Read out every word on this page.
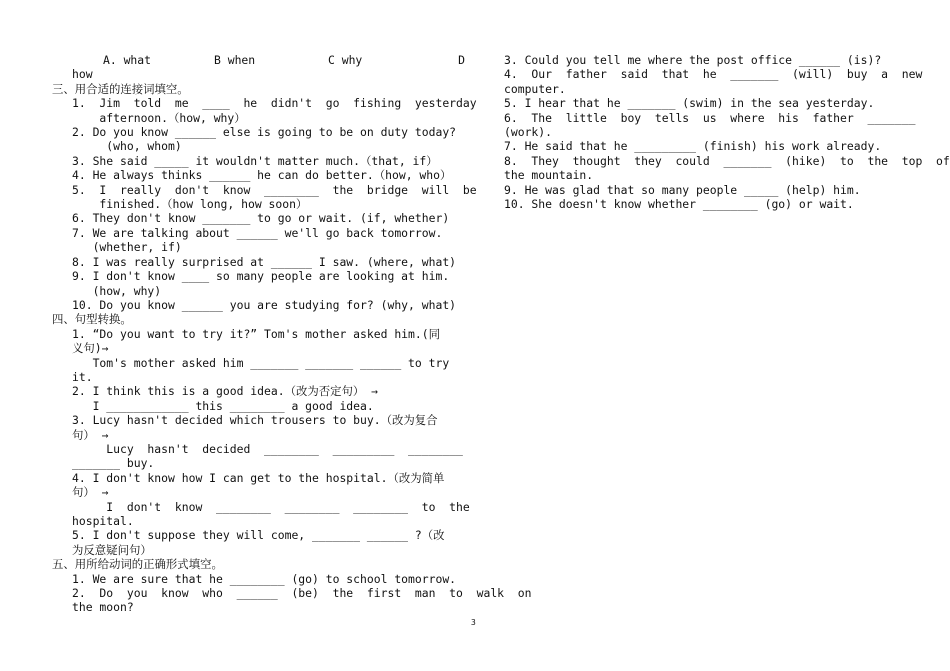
A. what	B when	C why	D
how
三、用合适的连接词填空。
1.  Jim  told  me  ____  he  didn't  go  fishing  yesterday
afternoon.（how, why）
2. Do you know ______ else is going to be on duty today?
(who, whom)
3. She said _____ it wouldn't matter much.（that, if）
4. He always thinks ______ he can do better.（how, who）
5.  I  really  don't  know  ________  the  bridge  will  be
finished.（how long, how soon）
6. They don't know _______ to go or wait. (if, whether)
7. We are talking about ______ we'll go back tomorrow.
(whether, if)
8. I was really surprised at ______ I saw. (where, what)
9. I don't know ____ so many people are looking at him.
(how, why)
10. Do you know ______ you are studying for? (why, what)
四、句型转换。
1. “Do you want to try it?” Tom's mother asked him.(同
义句)→
Tom's mother asked him _______ _______ ______ to try
it.
2. I think this is a good idea.（改为否定句） →
I ____________ this ________ a good idea.
3. Lucy hasn't decided which trousers to buy.（改为复合
句） →
Lucy  hasn't  decided  ________  _________  ________
_______ buy.
4. I don't know how I can get to the hospital.（改为简单
句） →
I  don't  know  ________  ________  ________  to  the
hospital.
5. I don't suppose they will come, _______ ______ ?（改
为反意疑问句）
五、用所给动词的正确形式填空。
1. We are sure that he ________ (go) to school tomorrow.
2.  Do  you  know  who  ______  (be)  the  first  man  to  walk  on
the moon?
3. Could you tell me where the post office ______ (is)?
4.  Our  father  said  that  he  _______  (will)  buy  a  new
computer.
5. I hear that he _______ (swim) in the sea yesterday.
6.  The  little  boy  tells  us  where  his  father  _______
(work).
7. He said that he _________ (finish) his work already.
8.  They  thought  they  could  _______  (hike)  to  the  top  of
the mountain.
9. He was glad that so many people _____ (help) him.
10. She doesn't know whether ________ (go) or wait.
3
